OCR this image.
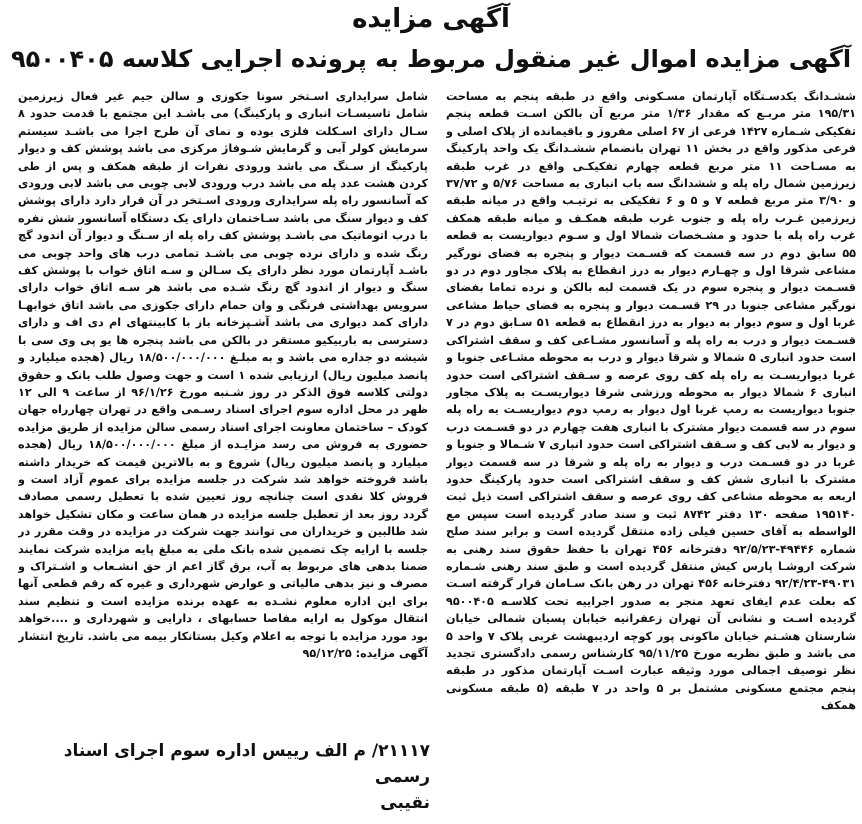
آگهی مزایده
آگهی مزایده اموال غیر منقول مربوط به پرونده اجرایی کلاسه ۹۵۰۰۴۰۵
ششـدانگ یکدسـتگاه آپارتمان مسـکونی واقع در طبقه پنجم به مساحت ۱۹۵/۳۱ متر مربـع که مقدار ۱/۳۶ متر مربع آن بالکن اسـت قطعه پنجم تفکیکی شـماره ۱۴۲۷ فرعی از ۶۷ اصلی مفروز و باقیمانده از پلاک اصلی و فرعی مذکور واقع در بخش ۱۱ تهران بانضمام ششـدانگ یک واحد پارکینگ به مسـاحت ۱۱ متر مربع قطعه چهارم تفکیکـی واقع در غرب طبقه زیرزمین شمال راه پله و ششدانگ سه باب انباری به مساحت ۵/۷۶ و ۳۷/۷۲ و ۳/۹۰ متر مربع قطعه ۷ و ۵ و ۶ تفکیکی به ترتیـب واقع در میانه طبقه زیرزمین غـرب راه پله و جنوب غرب طبقه همکـف و میانه طبقه همکف غرب راه پله با حدود و مشـخصات شمالا اول و سـوم دیواریست به قطعه ۵۵ سابق دوم در سه قسمت که قسـمت دیوار و پنجره به فضای نورگیر مشاعی شرقا اول و چهـارم دیوار به درز انقطاع به پلاک مجاور دوم در دو قسـمت دیوار و پنجره سوم در یک قسمت لبه بالکن و نرده تماما بفضای نورگیر مشاعی جنوبا در ۲۹ قسـمت دیوار و پنجره به فضای حیاط مشاعی غربا اول و سوم دیوار به دیوار به درز انقطاع به قطعه ۵۱ سـابق دوم در ۷ قسـمت دیوار و درب به راه پله و آسانسور مشـاعی کف و سقف اشتراکی است حدود انباری ۵ شمالا و شرقا دیوار و درب به محوطه مشـاعی جنوبا و غربا دیواریسـت به راه پله کف روی عرصه و سـقف اشتراکی است حدود انباری ۶ شمالا دیوار به محوطه ورزشی شرقا دیواریسـت به پلاک مجاور جنوبا دیواریست به رمپ غربا اول دیوار به رمپ دوم دیواریسـت به راه پله سوم در سه قسمت دیوار مشترک با انباری هفت چهارم در دو قسـمت درب و دیوار به لابی کف و سـقف اشتراکی است حدود انباری ۷ شـمالا و جنوبا و غربا در دو قسـمت درب و دیوار به راه پله و شرقا در سه قسمت دیوار مشترک با انباری شش کف و سقف اشتراکی است حدود پارکینگ حدود اربعه به محوطه مشاعی کف روی عرصه و سقف اشتراکی است ذیل ثبت ۱۹۵۱۴۰ صفحه ۱۳۰ دفتر ۸۷۴۲ ثبت و سند صادر گردیده است سپس مع الواسطه به آقای حسین فیلی زاده منتقل گردیده است و برابر سند صلح شماره ۴۹۴۴۶-۹۲/۵/۲۳ دفترخانه ۴۵۶ تهران با حفظ حقوق سند رهنی به شرکت اروشـا پارس کیش منتقل گردیده است و طبق سند رهنی شـماره ۴۹۰۳۱-۹۲/۴/۲۳ دفترخانه ۴۵۶ تهران در رهن بانک سـامان قرار گرفته اسـت که بعلت عدم ایفای تعهد منجر به صدور اجراییه تحت کلاسـه ۹۵۰۰۴۰۵ گردیده اسـت و نشانی آن تهران زعفرانیه خیابان پسیان شمالی خیابان شارستان هشـتم خیابان ماکونی پور کوچه اردیبهشت غربی پلاک ۷ واحد ۵ می باشد و طبق نظریه مورخ ۹۵/۱۱/۲۵ کارشناس رسمی دادگستری تجدید نظر توصیف اجمالی مورد وثیقه عبارت اسـت آپارتمان مذکور در طبقه پنجم مجتمع مسکونی مشتمل بر ۵ واحد در ۷ طبقه (۵ طبقه مسکونی همکف
شامل سرایداری اسـتخر سونا جکوزی و سالن جیم غیر فعال زیرزمین شامل تاسیسـات انباری و پارکینگ) می باشـد این مجتمع با قدمت حدود ۸ سـال دارای اسـکلت فلزی بوده و نمای آن طرح اجرا می باشـد سیستم سرمایش کولر آبی و گرمایش شـوفاژ مرکزی می باشد پوشش کف و دیوار پارکینگ از سـنگ می باشد ورودی نفرات از طبقه همکف و پس از طی کردن هشت عدد پله می باشد درب ورودی لابی چوبی می باشد لابی ورودی که آسانسور راه پله سرایداری ورودی اسـتخر در آن قرار دارد دارای پوشش کف و دیوار سنگ می باشد سـاختمان دارای یک دستگاه آسانسور شش نفره با درب اتوماتیک می باشـد پوشش کف راه پله از سـنگ و دیوار آن اندود گچ رنگ شده و دارای نرده چوبی می باشـد تمامی درب های واحد چوبی می باشـد آپارتمان مورد نظر دارای یک سـالن و سـه اتاق خواب با پوشش کف سنگ و دیوار از اندود گچ رنگ شـده می باشد هر سـه اتاق خواب دارای سرویس بهداشتی فرنگی و وان حمام دارای جکوزی می باشد اتاق خوابهـا دارای کمد دیواری می باشد آشـپزخانه باز با کابینتهای ام دی اف و دارای دسترسی به باربیکیو مستقر در بالکن می باشد پنجره ها یو پی وی سی با شیشه دو جداره می باشد و به مبلـغ ۱۸/۵۰۰/۰۰۰/۰۰۰ ریال (هجده میلیارد و پانصد میلیون ریال) ارزیابی شده ۱ است و جهت وصول طلب بانک و حقوق دولتی کلاسه فوق الذکر در روز شـنبه مورخ ۹۶/۱/۲۶ از ساعت ۹ الی ۱۲ ظهر در محل اداره سوم اجرای اسناد رسـمی واقع در تهران چهارراه جهان کودک – ساختمان معاونت اجرای اسناد رسمی سالن مزایده از طریق مزایده حضوری به فروش می رسد مزایـده از مبلغ ۱۸/۵۰۰/۰۰۰/۰۰۰ ریال (هجده میلیارد و پانصد میلیون ریال) شروع و به بالاترین قیمت که خریدار داشته باشد فروخته خواهد شد شرکت در جلسه مزایده برای عموم آزاد است و فروش کلا نقدی است چنانچه روز تعیین شده با تعطیل رسمی مصادف گردد روز بعد از تعطیل جلسه مزایده در همان ساعت و مکان تشکیل خواهد شد طالبین و خریداران می توانند جهت شرکت در مزایده در وقت مقرر در جلسه با ارایه چک تضمین شده بانک ملی به مبلغ پایه مزایده شرکت نمایند ضمنا بدهی های مربوط به آب، برق گاز اعم از حق انشـعاب و اشـتراک و مصرف و نیز بدهی مالیاتی و عوارض شهرداری و غیره که رقم قطعی آنها برای این اداره معلوم نشـده به عهده برنده مزایده است و تنظیم سند انتقال موکول به ارایه مفاصا حسابهای ، دارایی و شهرداری و ....خواهد بود مورد مزایده با توجه به اعلام وکیل بستانکار بیمه می باشد. تاریخ انتشار آگهی مزایده: ۹۵/۱۲/۲۵
۲۱۱۱۷/ م الف رییس اداره سوم اجرای اسناد رسمی
نقیبی
